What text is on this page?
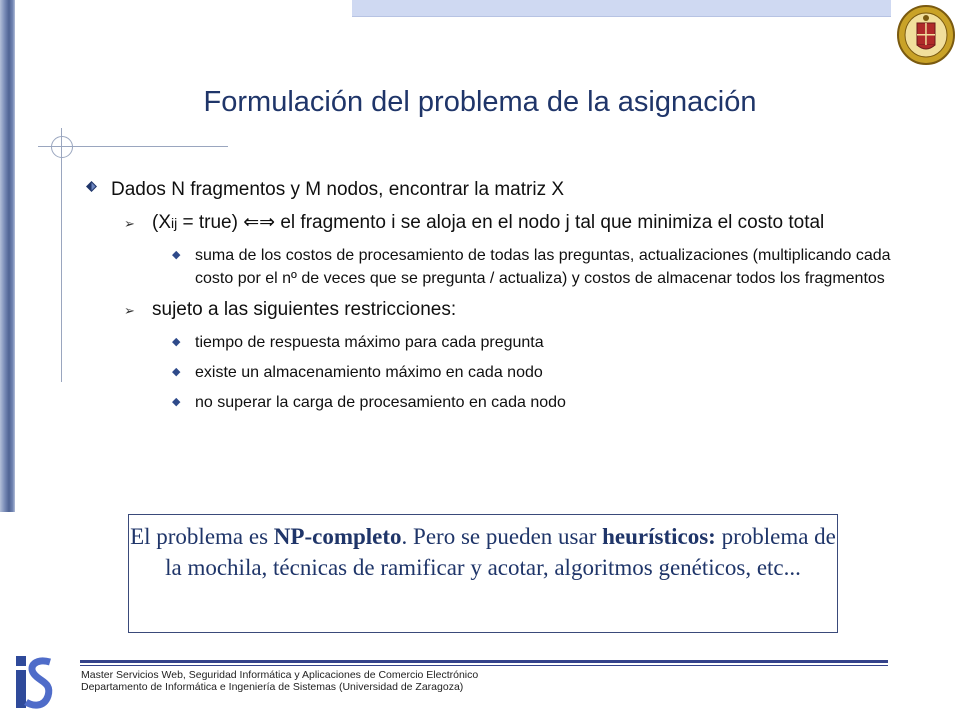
Formulación del problema de la asignación
Dados N fragmentos y M nodos, encontrar la matriz X
➢ (Xij = true) ⇐⇒ el fragmento i se aloja en el nodo j tal que minimiza el costo total
◆ suma de los costos de procesamiento de todas las preguntas, actualizaciones (multiplicando cada costo por el nº de veces que se pregunta / actualiza) y costos de almacenar todos los fragmentos
➢ sujeto a las siguientes restricciones:
◆ tiempo de respuesta máximo para cada pregunta
◆ existe un almacenamiento máximo en cada nodo
◆ no superar la carga de procesamiento en cada nodo
El problema es NP-completo. Pero se pueden usar heurísticos: problema de la mochila, técnicas de ramificar y acotar, algoritmos genéticos, etc...
Master Servicios Web, Seguridad Informática y Aplicaciones de Comercio Electrónico
Departamento de Informática e Ingeniería de Sistemas (Universidad de Zaragoza)
